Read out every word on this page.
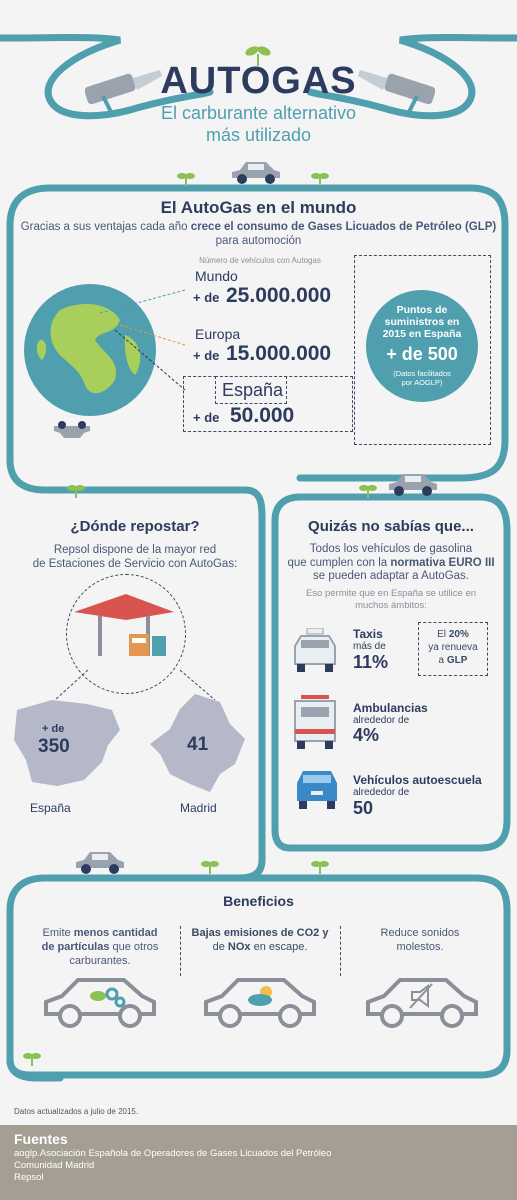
AUTOGAS
El carburante alternativo
más utilizado
El AutoGas en el mundo
Gracias a sus ventajas cada año crece el consumo de Gases Licuados de Petróleo (GLP)
para automoción
Número de vehículos con Autogas
Mundo
+ de 25.000.000
Europa
+ de 15.000.000
España
+ de 50.000
Puntos de
suministros en
2015 en España
+ de 500
(Datos facilitados
por AOGLP)
¿Dónde repostar?
Repsol dispone de la mayor red
de Estaciones de Servicio con AutoGas:
+ de
350
España
41
Madrid
Quizás no sabías que...
Todos los vehículos de gasolina
que cumplen con la normativa EURO III
se pueden adaptar a AutoGas.
Eso permite que en España se utilice en
muchos ámbitos:
Taxis
más de
11%
El 20%
ya renueva
a GLP
Ambulancias
alrededor de
4%
Vehículos autoescuela
alrededor de
50
Beneficios
Emite menos cantidad
de partículas que otros
carburantes.
Bajas emisiones de CO2 y
de NOx en escape.
Reduce sonidos
molestos.
Datos actualizados a julio de 2015.
Fuentes
aoglp.Asociación Española de Operadores de Gases Licuados del Petróleo
Comunidad Madrid
Repsol
